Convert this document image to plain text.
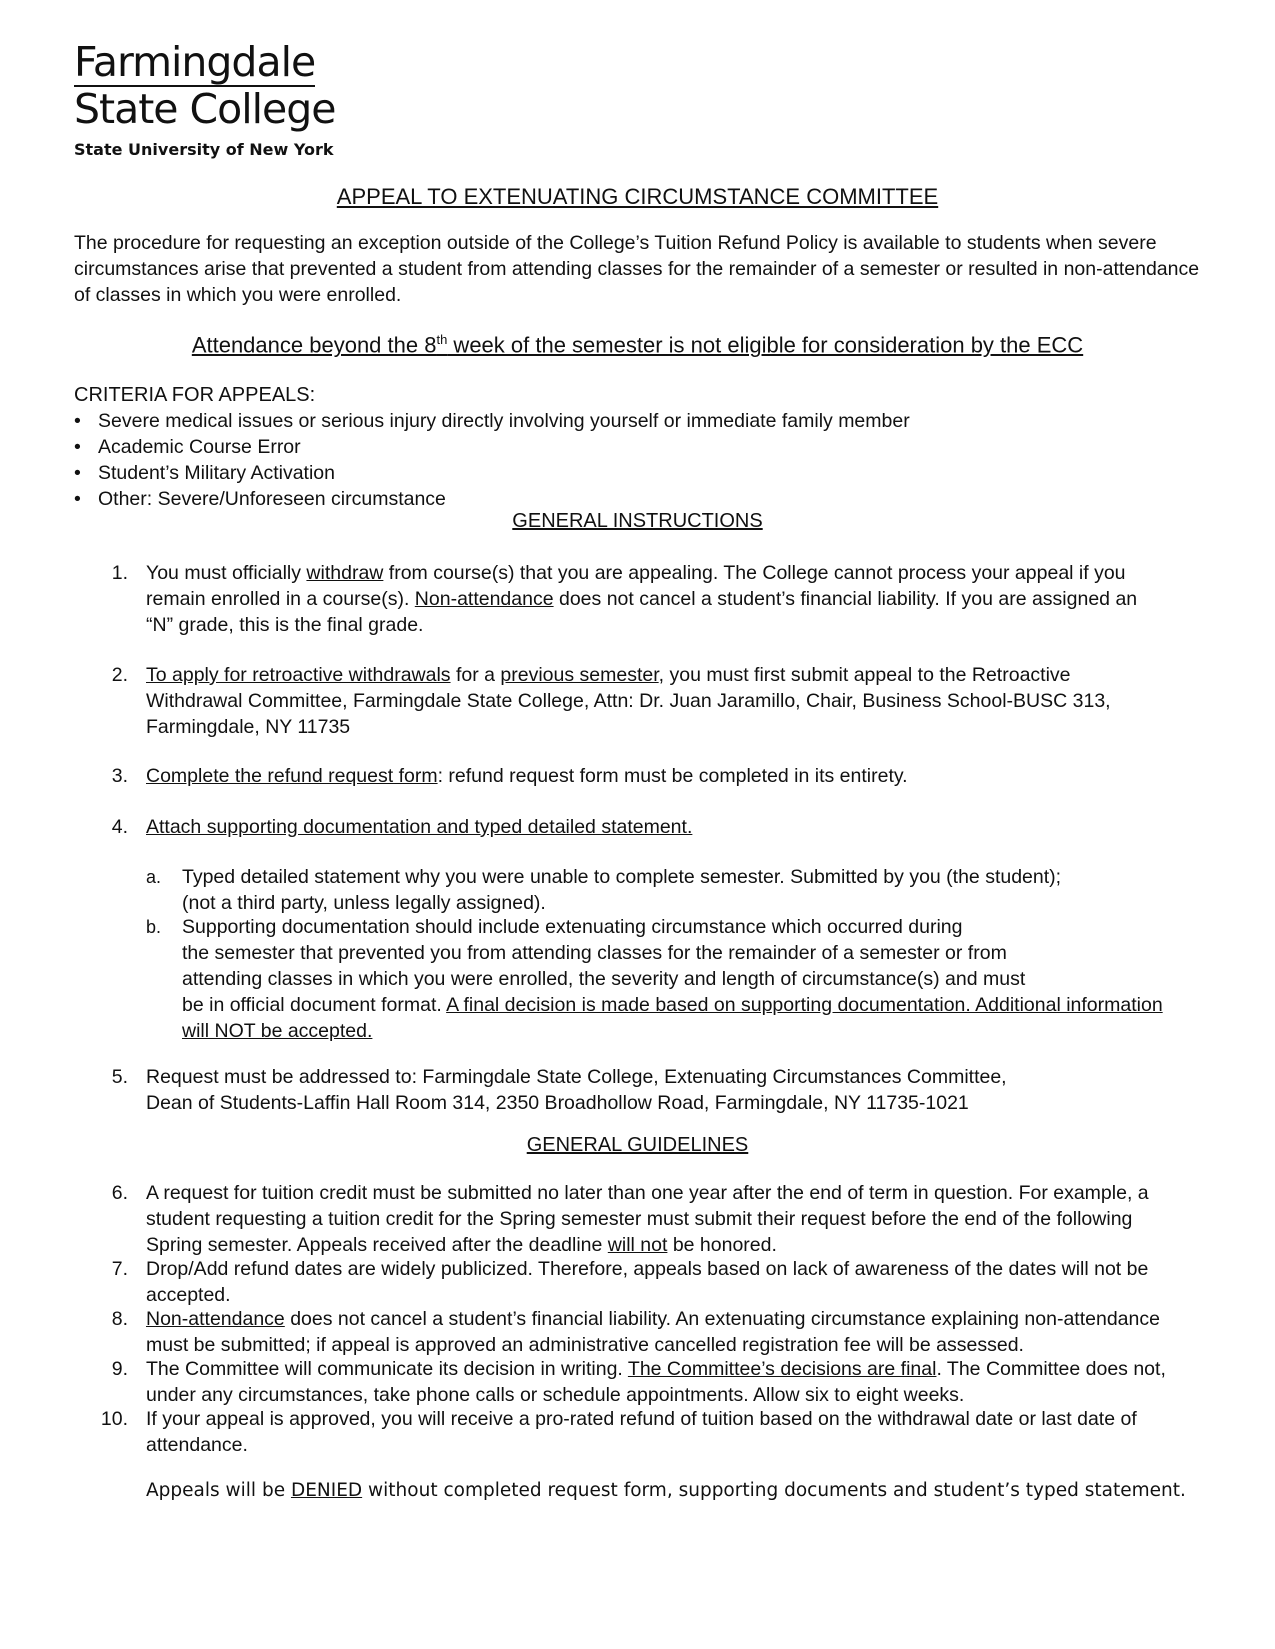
Farmingdale
State College
State University of New York
APPEAL TO EXTENUATING CIRCUMSTANCE COMMITTEE
The procedure for requesting an exception outside of the College’s Tuition Refund Policy is available to students when severe circumstances arise that prevented a student from attending classes for the remainder of a semester or resulted in non-attendance of classes in which you were enrolled.
Attendance beyond the 8th week of the semester is not eligible for consideration by the ECC
CRITERIA FOR APPEALS:
• Severe medical issues or serious injury directly involving yourself or immediate family member
• Academic Course Error
• Student’s Military Activation
• Other: Severe/Unforeseen circumstance
GENERAL INSTRUCTIONS
1. You must officially withdraw from course(s) that you are appealing. The College cannot process your appeal if you remain enrolled in a course(s). Non-attendance does not cancel a student’s financial liability. If you are assigned an “N” grade, this is the final grade.
2. To apply for retroactive withdrawals for a previous semester, you must first submit appeal to the Retroactive Withdrawal Committee, Farmingdale State College, Attn: Dr. Juan Jaramillo, Chair, Business School-BUSC 313, Farmingdale, NY 11735
3. Complete the refund request form: refund request form must be completed in its entirety.
4. Attach supporting documentation and typed detailed statement.
a. Typed detailed statement why you were unable to complete semester. Submitted by you (the student);
(not a third party, unless legally assigned).
b. Supporting documentation should include extenuating circumstance which occurred during
the semester that prevented you from attending classes for the remainder of a semester or from
attending classes in which you were enrolled, the severity and length of circumstance(s) and must
be in official document format. A final decision is made based on supporting documentation. Additional information will NOT be accepted.
5. Request must be addressed to: Farmingdale State College, Extenuating Circumstances Committee,
Dean of Students-Laffin Hall Room 314, 2350 Broadhollow Road, Farmingdale, NY 11735-1021
GENERAL GUIDELINES
6. A request for tuition credit must be submitted no later than one year after the end of term in question. For example, a student requesting a tuition credit for the Spring semester must submit their request before the end of the following Spring semester. Appeals received after the deadline will not be honored.
7. Drop/Add refund dates are widely publicized. Therefore, appeals based on lack of awareness of the dates will not be accepted.
8. Non-attendance does not cancel a student’s financial liability. An extenuating circumstance explaining non-attendance must be submitted; if appeal is approved an administrative cancelled registration fee will be assessed.
9. The Committee will communicate its decision in writing. The Committee’s decisions are final. The Committee does not, under any circumstances, take phone calls or schedule appointments. Allow six to eight weeks.
10. If your appeal is approved, you will receive a pro-rated refund of tuition based on the withdrawal date or last date of attendance.
Appeals will be DENIED without completed request form, supporting documents and student’s typed statement.
